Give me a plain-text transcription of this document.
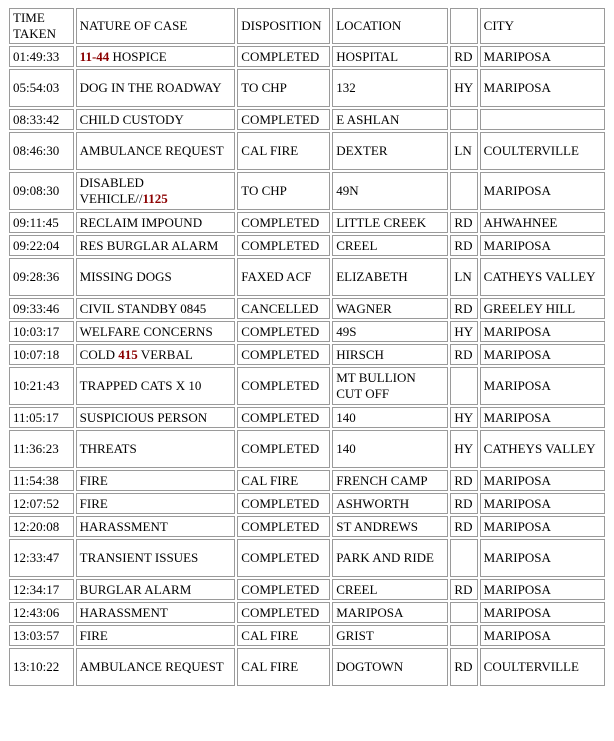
TIME TAKEN	NATURE OF CASE	DISPOSITION	LOCATION		CITY
01:49:33	11-44 HOSPICE	COMPLETED	HOSPITAL	RD	MARIPOSA
05:54:03	DOG IN THE ROADWAY	TO CHP	132	HY	MARIPOSA
08:33:42	CHILD CUSTODY	COMPLETED	E ASHLAN		
08:46:30	AMBULANCE REQUEST	CAL FIRE	DEXTER	LN	COULTERVILLE
09:08:30	DISABLED VEHICLE//1125	TO CHP	49N		MARIPOSA
09:11:45	RECLAIM IMPOUND	COMPLETED	LITTLE CREEK	RD	AHWAHNEE
09:22:04	RES BURGLAR ALARM	COMPLETED	CREEL	RD	MARIPOSA
09:28:36	MISSING DOGS	FAXED ACF	ELIZABETH	LN	CATHEYS VALLEY
09:33:46	CIVIL STANDBY 0845	CANCELLED	WAGNER	RD	GREELEY HILL
10:03:17	WELFARE CONCERNS	COMPLETED	49S	HY	MARIPOSA
10:07:18	COLD 415 VERBAL	COMPLETED	HIRSCH	RD	MARIPOSA
10:21:43	TRAPPED CATS X 10	COMPLETED	MT BULLION CUT OFF		MARIPOSA
11:05:17	SUSPICIOUS PERSON	COMPLETED	140	HY	MARIPOSA
11:36:23	THREATS	COMPLETED	140	HY	CATHEYS VALLEY
11:54:38	FIRE	CAL FIRE	FRENCH CAMP	RD	MARIPOSA
12:07:52	FIRE	COMPLETED	ASHWORTH	RD	MARIPOSA
12:20:08	HARASSMENT	COMPLETED	ST ANDREWS	RD	MARIPOSA
12:33:47	TRANSIENT ISSUES	COMPLETED	PARK AND RIDE		MARIPOSA
12:34:17	BURGLAR ALARM	COMPLETED	CREEL	RD	MARIPOSA
12:43:06	HARASSMENT	COMPLETED	MARIPOSA		MARIPOSA
13:03:57	FIRE	CAL FIRE	GRIST		MARIPOSA
13:10:22	AMBULANCE REQUEST	CAL FIRE	DOGTOWN	RD	COULTERVILLE
